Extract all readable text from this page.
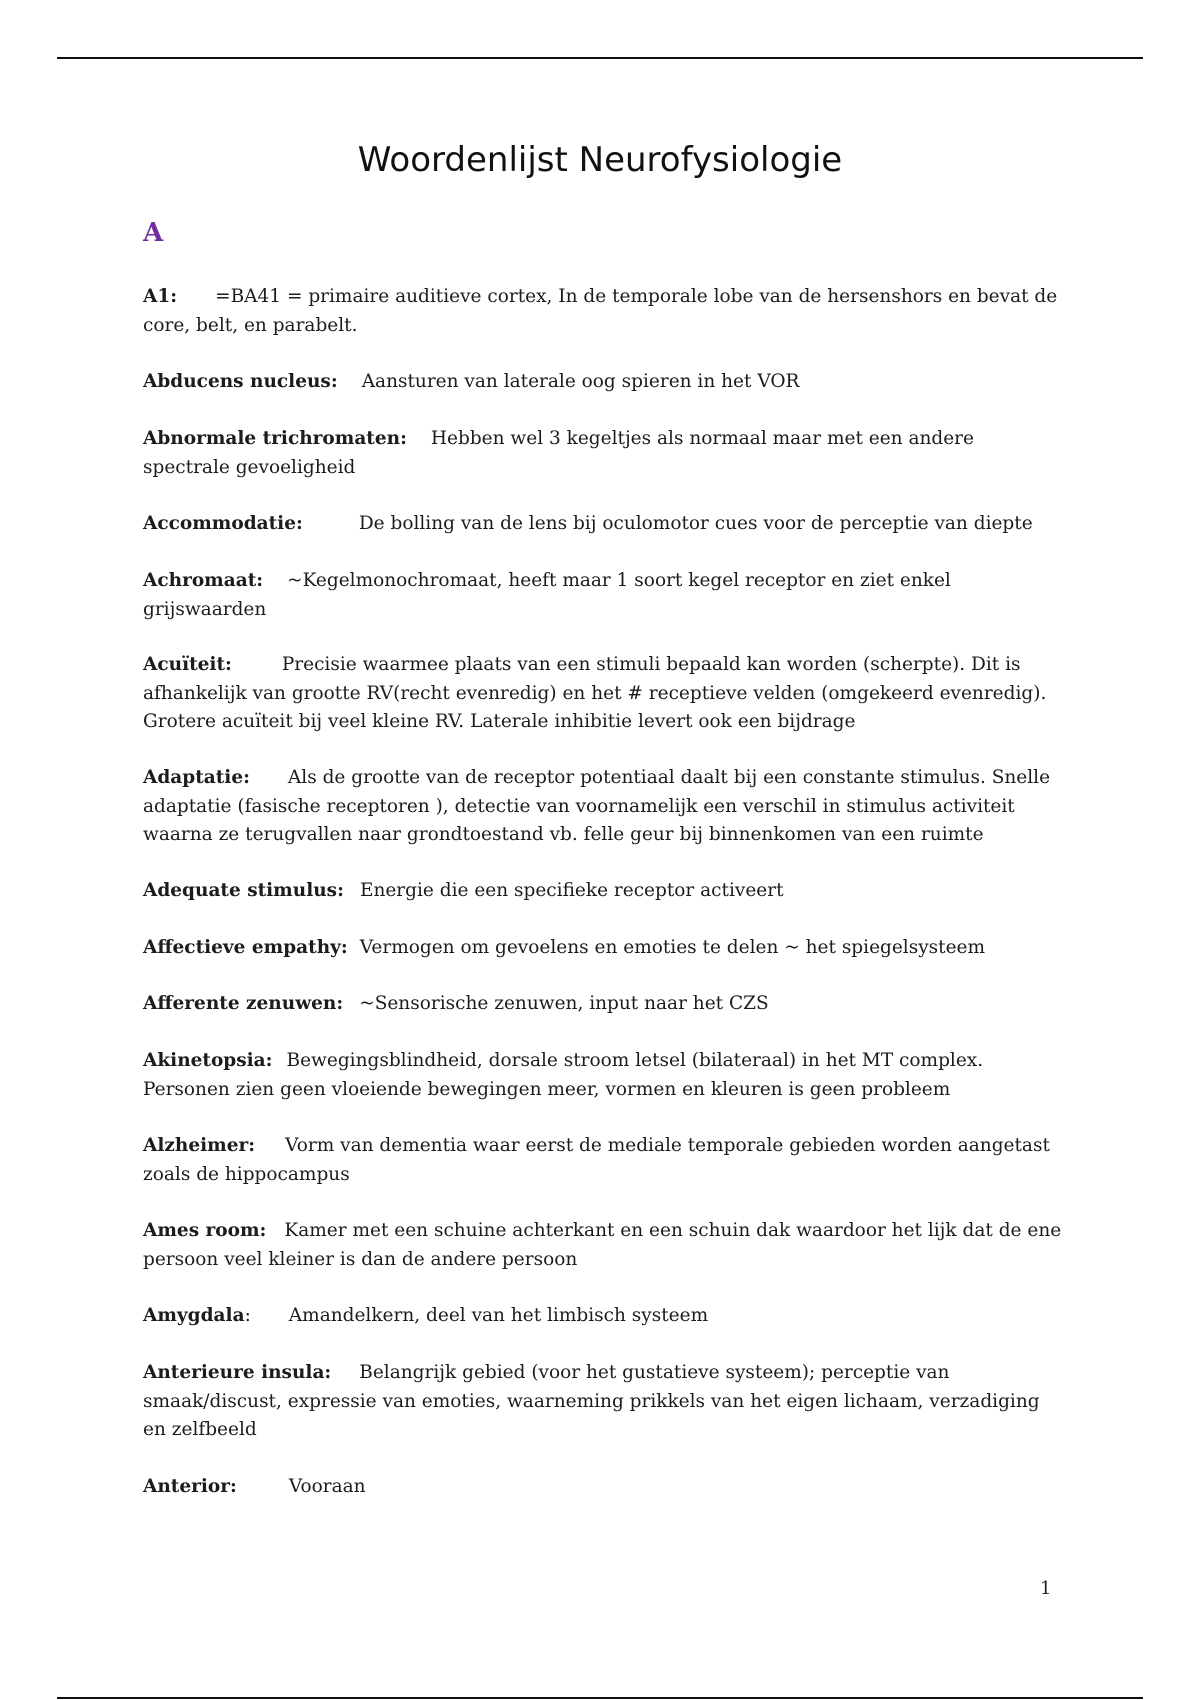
Woordenlijst Neurofysiologie
A

A1: =BA41 = primaire auditieve cortex, In de temporale lobe van de hersenshors en bevat de core, belt, en parabelt.

Abducens nucleus: Aansturen van laterale oog spieren in het VOR

Abnormale trichromaten: Hebben wel 3 kegeltjes als normaal maar met een andere spectrale gevoeligheid

Accommodatie:	De bolling van de lens bij oculomotor cues voor de perceptie van diepte

Achromaat: ~Kegelmonochromaat, heeft maar 1 soort kegel receptor en ziet enkel grijswaarden

Acuïteit:	Precisie waarmee plaats van een stimuli bepaald kan worden (scherpte). Dit is afhankelijk van grootte RV(recht evenredig) en het # receptieve velden (omgekeerd evenredig). Grotere acuïteit bij veel kleine RV. Laterale inhibitie levert ook een bijdrage

Adaptatie: Als de grootte van de receptor potentiaal daalt bij een constante stimulus. Snelle adaptatie (fasische receptoren ), detectie van voornamelijk een verschil in stimulus activiteit waarna ze terugvallen naar grondtoestand vb. felle geur bij binnenkomen van een ruimte

Adequate stimulus: Energie die een specifieke receptor activeert

Affectieve empathy: Vermogen om gevoelens en emoties te delen ~ het spiegelsysteem

Afferente zenuwen: ~Sensorische zenuwen, input naar het CZS

Akinetopsia: Bewegingsblindheid, dorsale stroom letsel (bilateraal) in het MT complex. Personen zien geen vloeiende bewegingen meer, vormen en kleuren is geen probleem

Alzheimer: Vorm van dementia waar eerst de mediale temporale gebieden worden aangetast zoals de hippocampus

Ames room: Kamer met een schuine achterkant en een schuin dak waardoor het lijk dat de ene persoon veel kleiner is dan de andere persoon

Amygdala: Amandelkern, deel van het limbisch systeem

Anterieure insula: Belangrijk gebied (voor het gustatieve systeem); perceptie van smaak/discust, expressie van emoties, waarneming prikkels van het eigen lichaam, verzadiging en zelfbeeld

Anterior:	Vooraan

1
